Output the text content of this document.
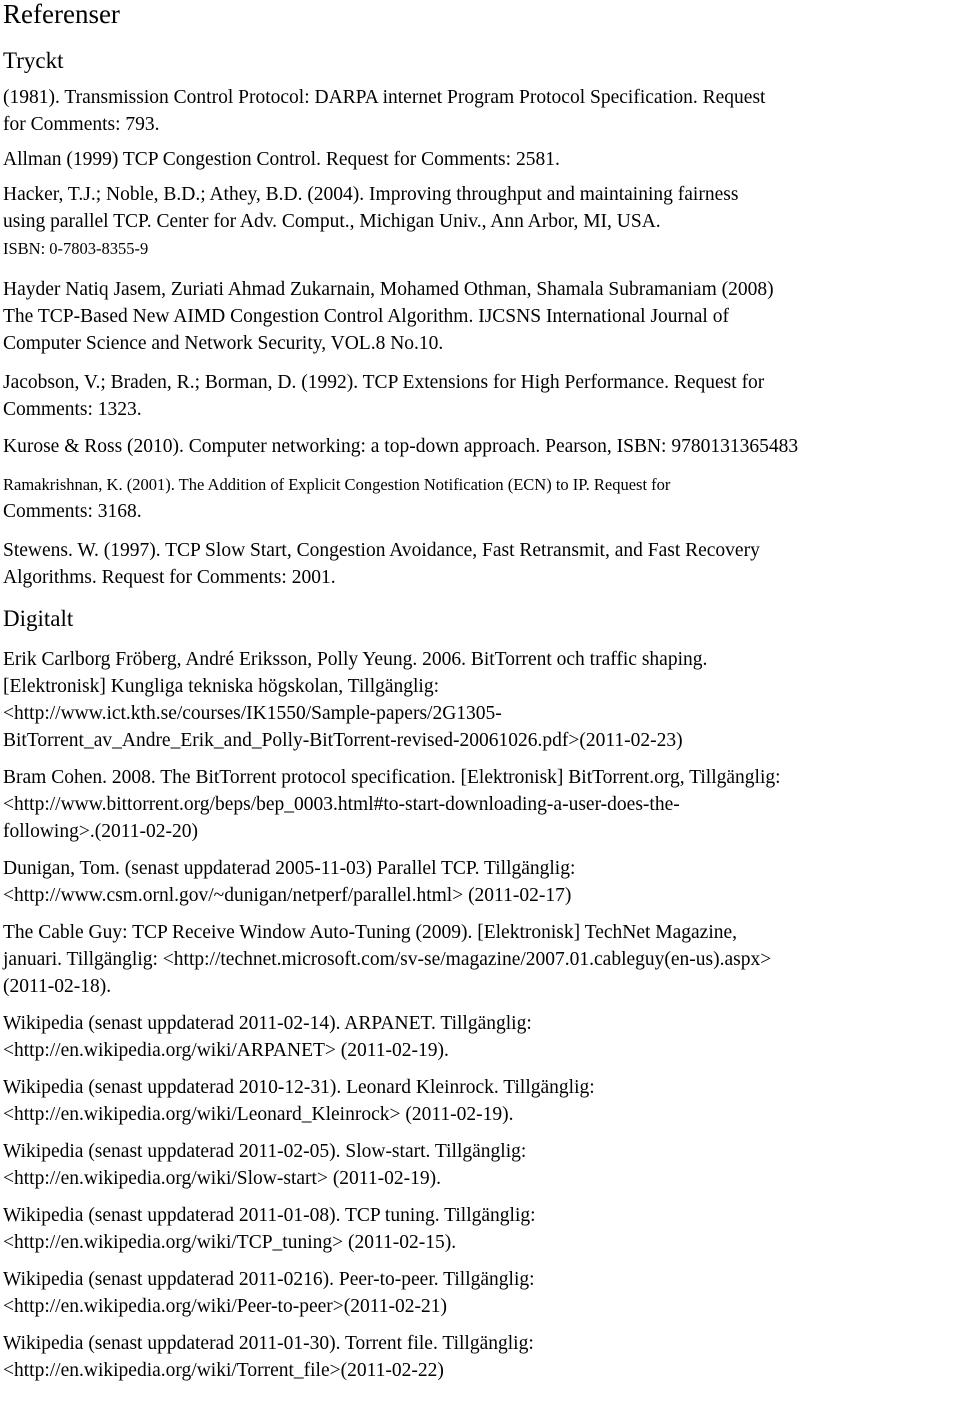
Referenser
Tryckt
(1981). Transmission Control Protocol: DARPA internet Program Protocol Specification. Request
for Comments: 793.
Allman (1999) TCP Congestion Control. Request for Comments: 2581.
Hacker, T.J.; Noble, B.D.; Athey, B.D. (2004). Improving throughput and maintaining fairness
using parallel TCP. Center for Adv. Comput., Michigan Univ., Ann Arbor, MI, USA.
ISBN: 0-7803-8355-9
Hayder Natiq Jasem, Zuriati Ahmad Zukarnain, Mohamed Othman, Shamala Subramaniam (2008)
The TCP-Based New AIMD Congestion Control Algorithm. IJCSNS International Journal of
Computer Science and Network Security, VOL.8 No.10.
Jacobson, V.; Braden, R.; Borman, D. (1992). TCP Extensions for High Performance. Request for
Comments: 1323.
Kurose & Ross (2010). Computer networking: a top-down approach. Pearson, ISBN: 9780131365483
Ramakrishnan, K. (2001). The Addition of Explicit Congestion Notification (ECN) to IP. Request for
Comments: 3168.
Stewens. W. (1997). TCP Slow Start, Congestion Avoidance, Fast Retransmit, and Fast Recovery
Algorithms. Request for Comments: 2001.
Digitalt
Erik Carlborg Fröberg, André Eriksson, Polly Yeung. 2006. BitTorrent och traffic shaping.
[Elektronisk] Kungliga tekniska högskolan, Tillgänglig:
<http://www.ict.kth.se/courses/IK1550/Sample-papers/2G1305-
BitTorrent_av_Andre_Erik_and_Polly-BitTorrent-revised-20061026.pdf>(2011-02-23)
Bram Cohen. 2008. The BitTorrent protocol specification. [Elektronisk] BitTorrent.org, Tillgänglig:
<http://www.bittorrent.org/beps/bep_0003.html#to-start-downloading-a-user-does-the-
following>.(2011-02-20)
Dunigan, Tom. (senast uppdaterad 2005-11-03) Parallel TCP. Tillgänglig:
<http://www.csm.ornl.gov/~dunigan/netperf/parallel.html> (2011-02-17)
The Cable Guy: TCP Receive Window Auto-Tuning (2009). [Elektronisk] TechNet Magazine,
januari. Tillgänglig: <http://technet.microsoft.com/sv-se/magazine/2007.01.cableguy(en-us).aspx>
(2011-02-18).
Wikipedia (senast uppdaterad 2011-02-14). ARPANET. Tillgänglig:
<http://en.wikipedia.org/wiki/ARPANET> (2011-02-19).
Wikipedia (senast uppdaterad 2010-12-31). Leonard Kleinrock. Tillgänglig:
<http://en.wikipedia.org/wiki/Leonard_Kleinrock> (2011-02-19).
Wikipedia (senast uppdaterad 2011-02-05). Slow-start. Tillgänglig:
<http://en.wikipedia.org/wiki/Slow-start> (2011-02-19).
Wikipedia (senast uppdaterad 2011-01-08). TCP tuning. Tillgänglig:
<http://en.wikipedia.org/wiki/TCP_tuning> (2011-02-15).
Wikipedia (senast uppdaterad 2011-0216). Peer-to-peer. Tillgänglig:
<http://en.wikipedia.org/wiki/Peer-to-peer>(2011-02-21)
Wikipedia (senast uppdaterad 2011-01-30). Torrent file. Tillgänglig:
<http://en.wikipedia.org/wiki/Torrent_file>(2011-02-22)
